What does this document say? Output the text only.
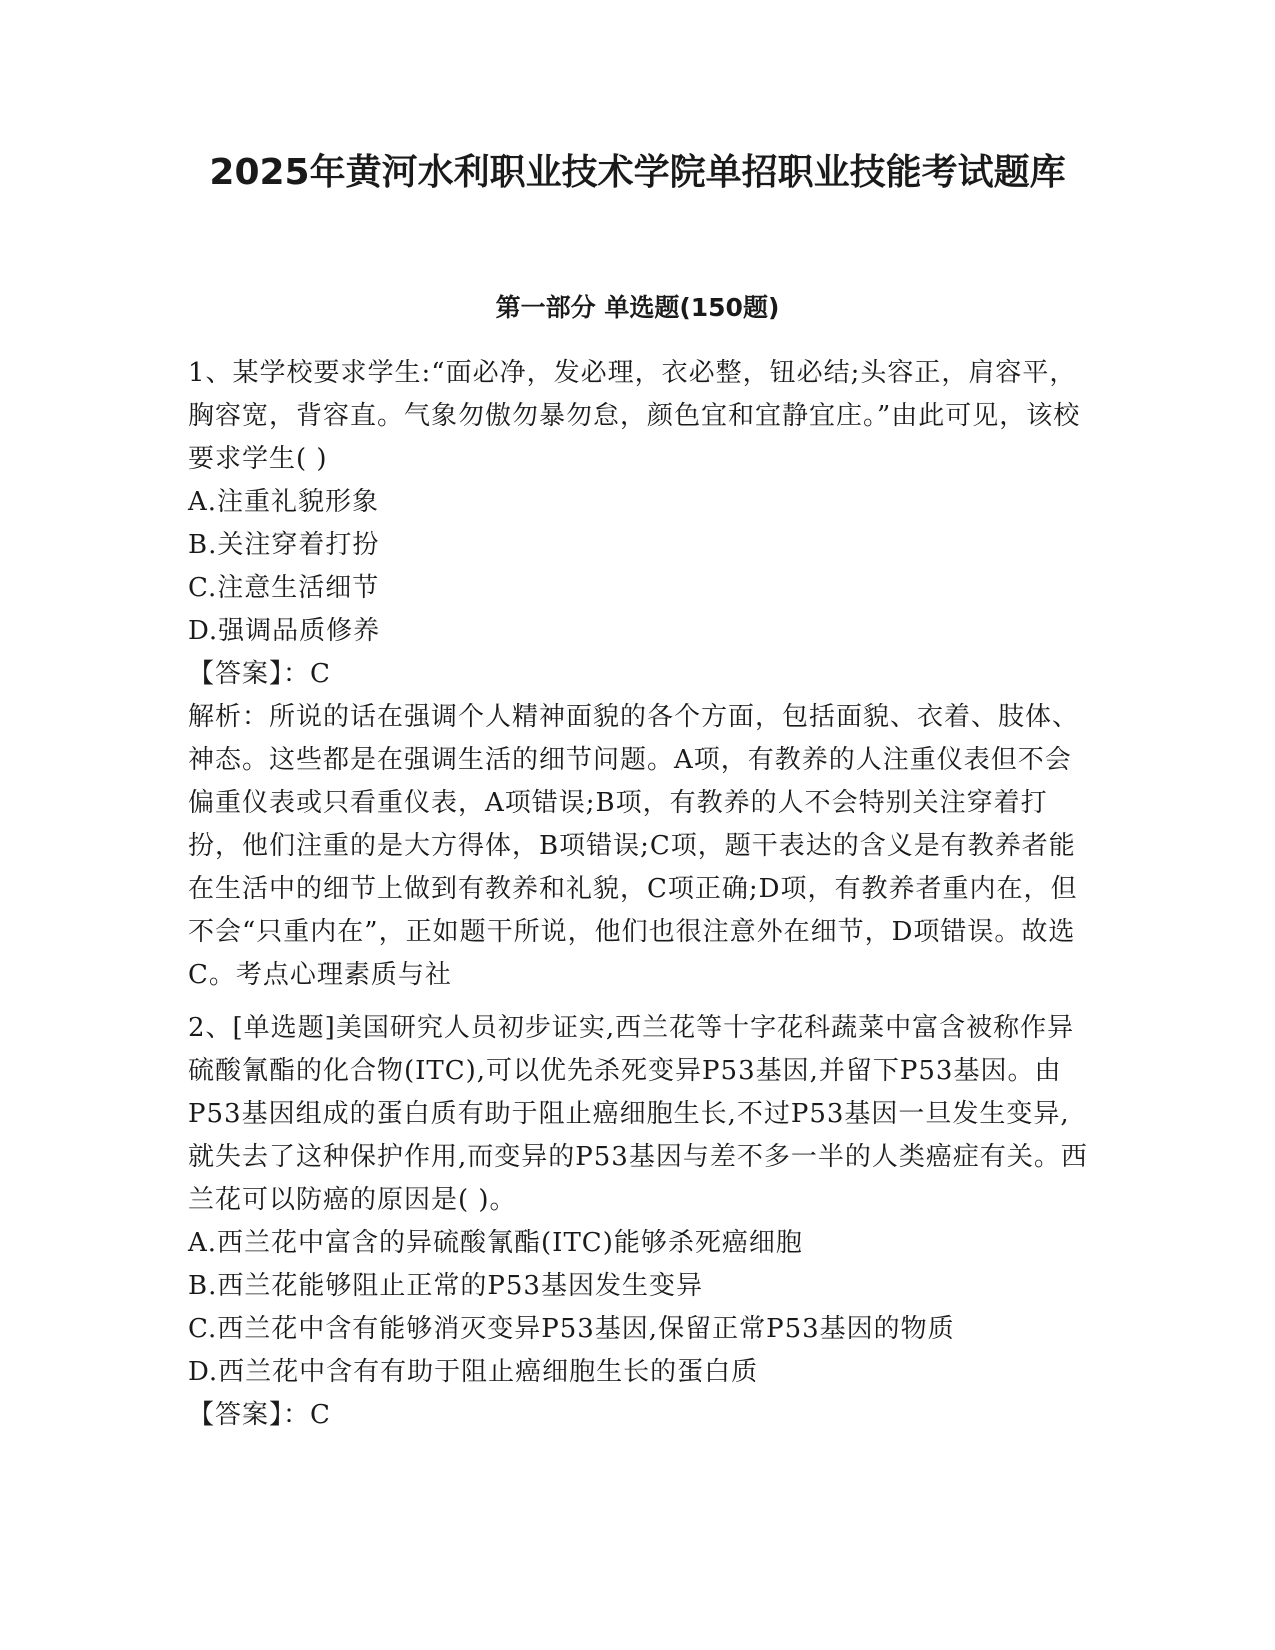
2025年黄河水利职业技术学院单招职业技能考试题库
第一部分 单选题(150题)

1、某学校要求学生:“面必净，发必理，衣必整，钮必结;头容正，肩容平，胸容宽，背容直。气象勿傲勿暴勿怠，颜色宜和宜静宜庄。”由此可见，该校要求学生( )

A.注重礼貌形象

B.关注穿着打扮

C.注意生活细节

D.强调品质修养

【答案】：C

解析：所说的话在强调个人精神面貌的各个方面，包括面貌、衣着、肢体、神态。这些都是在强调生活的细节问题。A项，有教养的人注重仪表但不会偏重仪表或只看重仪表，A项错误;B项，有教养的人不会特别关注穿着打扮，他们注重的是大方得体，B项错误;C项，题干表达的含义是有教养者能在生活中的细节上做到有教养和礼貌，C项正确;D项，有教养者重内在，但不会“只重内在”，正如题干所说，他们也很注意外在细节，D项错误。故选C。考点心理素质与社

2、[单选题]美国研究人员初步证实,西兰花等十字花科蔬菜中富含被称作异硫酸氰酯的化合物(ITC),可以优先杀死变异P53基因,并留下P53基因。由P53基因组成的蛋白质有助于阻止癌细胞生长,不过P53基因一旦发生变异,就失去了这种保护作用,而变异的P53基因与差不多一半的人类癌症有关。西兰花可以防癌的原因是( )。

A.西兰花中富含的异硫酸氰酯(ITC)能够杀死癌细胞

B.西兰花能够阻止正常的P53基因发生变异

C.西兰花中含有能够消灭变异P53基因,保留正常P53基因的物质

D.西兰花中含有有助于阻止癌细胞生长的蛋白质

【答案】：C
